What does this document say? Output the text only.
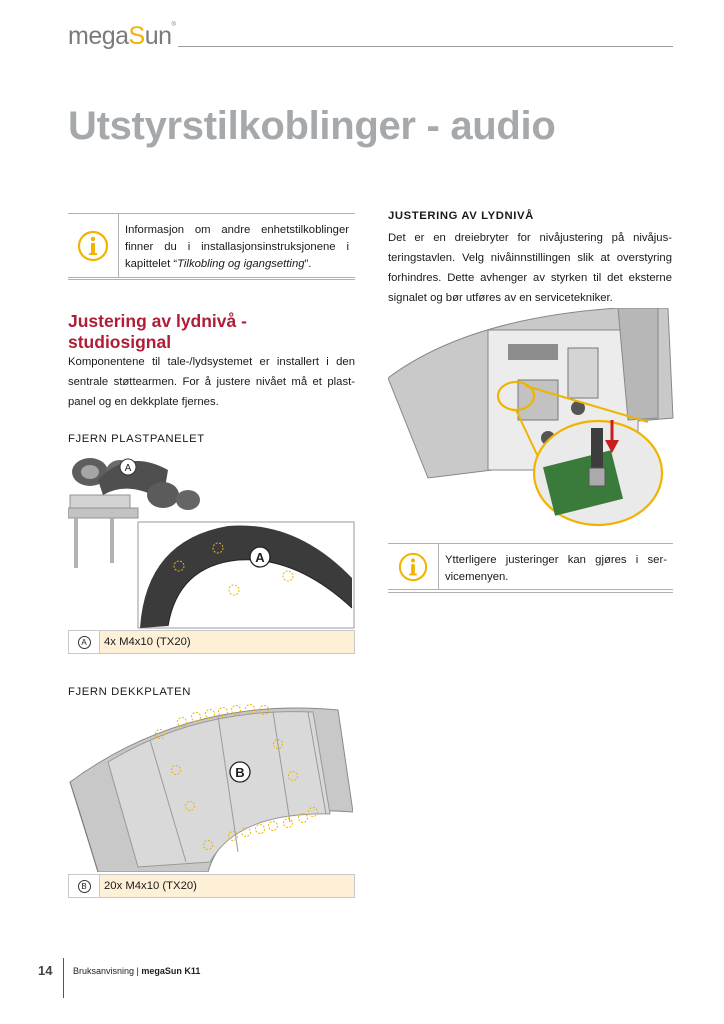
megaSun®
Utstyrstilkoblinger - audio
Informasjon om andre enhetstilkoblinger finner du i installasjonsinstruksjonene i kapittelet “Tilkobling og igangsetting”.
Justering av lydnivå -
studiosignal
Komponentene til tale-/lydsystemet er installert i den sentrale støttearmen. For å justere nivået må et plast-panel og en dekkplate fjernes.
FJERN PLASTPANELET
A
A
A	4x M4x10 (TX20)
FJERN DEKKPLATEN
B
B	20x M4x10 (TX20)
JUSTERING AV LYDNIVÅ
Det er en dreiebryter for nivåjustering på nivåjus-teringstavlen. Velg nivåinnstillingen slik at overstyring forhindres. Dette avhenger av styrken til det eksterne signalet og bør utføres av en servicetekniker.
Ytterligere justeringer kan gjøres i ser-vicemenyen.
14 Bruksanvisning | megaSun K11
